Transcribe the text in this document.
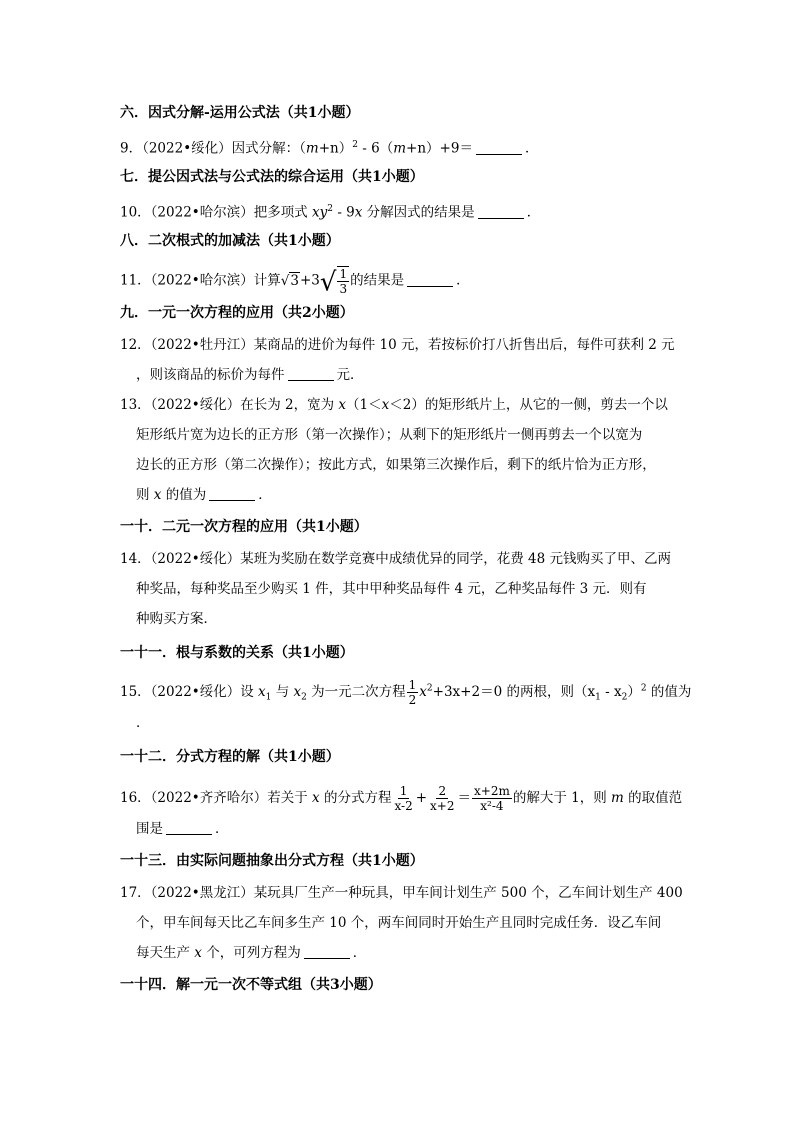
六．因式分解-运用公式法（共1小题）
9．（2022•绥化）因式分解：$(m+n)^2 - 6(m+n)+9=$	．
七．提公因式法与公式法的综合运用（共1小题）
10．（2022•哈尔滨）把多项式 $xy^2 - 9x$ 分解因式的结果是	．
八．二次根式的加减法（共1小题）
11．（2022•哈尔滨）计算$√3+3√ \frac{1}{3}$ 的结果是	．
九．一元一次方程的应用（共2小题）
12．（2022•牡丹江）某商品的进价为每件 10 元，若按标价打八折售出后，每件可获利 2 元
，则该商品的标价为每件	元．
13．（2022•绥化）在长为 2，宽为 x（1＜x＜2）的矩形纸片上，从它的一侧，剪去一个以
矩形纸片宽为边长的正方形（第一次操作）；从剩下的矩形纸片一侧再剪去一个以宽为
边长的正方形（第二次操作）；按此方式，如果第三次操作后，剩下的纸片恰为正方形，
则 x 的值为	．
一十．二元一次方程的应用（共1小题）
14．（2022•绥化）某班为奖励在数学竞赛中成绩优异的同学，花费 48 元钱购买了甲、乙两
种奖品，每种奖品至少购买 1 件，其中甲种奖品每件 4 元，乙种奖品每件 3 元．则有
种购买方案．
一十一．根与系数的关系（共1小题）
15．（2022•绥化）设 $x_1$ 与 $x_2$ 为一元二次方程 $\frac{1}{2} x^2+3x+2=0$ 的两根，则$(x_1 - x_2)^2$ 的值为
．
一十二．分式方程的解（共1小题）
16．（2022•齐齐哈尔）若关于 x 的分式方程 $\frac{1}{x-2} + \frac{2}{x+2} = \frac{x+2m}{\text{x²-4}}$ 的解大于 1，则 m 的取值范
围是	．
一十三．由实际问题抽象出分式方程（共1小题）
17．（2022•黑龙江）某玩具厂生产一种玩具，甲车间计划生产 500 个，乙车间计划生产 400
个，甲车间每天比乙车间多生产 10 个，两车间同时开始生产且同时完成任务．设乙车间
每天生产 x 个，可列方程为	．
一十四．解一元一次不等式组（共3小题）
